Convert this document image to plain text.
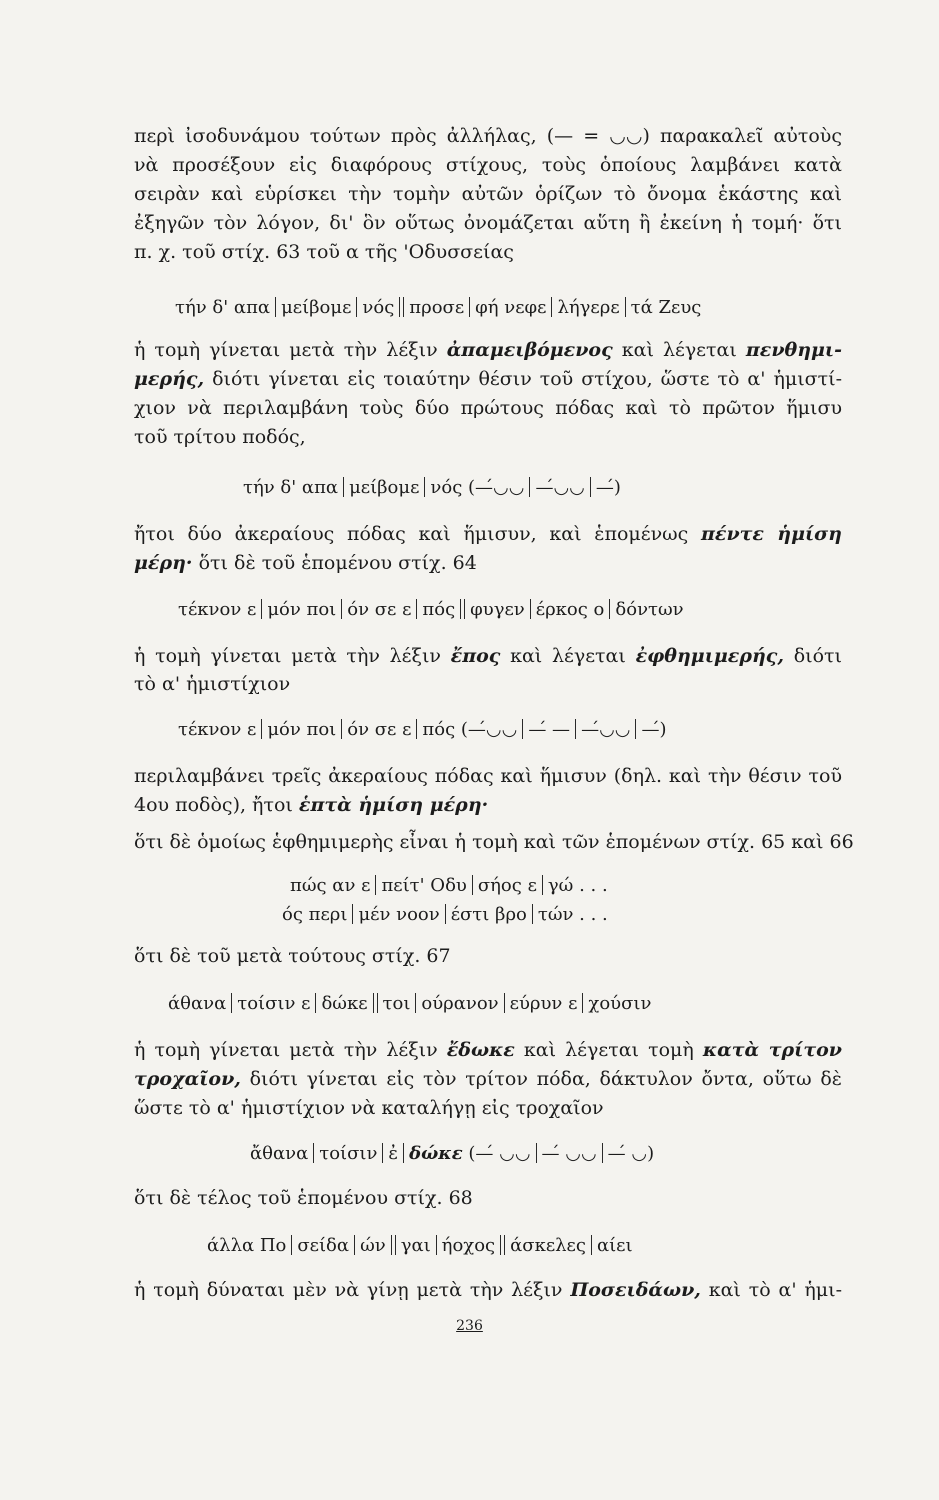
περὶ ἰσοδυνάμου τούτων πρὸς ἀλλήλας, (— = ◡◡) παρακαλεῖ αὐτοὺς
νὰ προσέξουν εἰς διαφόρους στίχους, τοὺς ὁποίους λαμβάνει κατὰ
σειρὰν καὶ εὑρίσκει τὴν τομὴν αὐτῶν ὁρίζων τὸ ὄνομα ἑκάστης καὶ
ἐξηγῶν τὸν λόγον, δι' ὃν οὕτως ὀνομάζεται αὕτη ἢ ἐκείνη ἡ τομή· ὅτι
π. χ. τοῦ στίχ. 63 τοῦ α τῆς 'Οδυσσείας
τήν δ' απα μείβομε νός προσε φή νεφε λήγερε τά Ζευς
ἡ τομὴ γίνεται μετὰ τὴν λέξιν ἀπαμειβόμενος καὶ λέγεται πενθημι-
μερής, διότι γίνεται εἰς τοιαύτην θέσιν τοῦ στίχου, ὥστε τὸ α' ἡμιστί-
χιον νὰ περιλαμβάνη τοὺς δύο πρώτους πόδας καὶ τὸ πρῶτον ἥμισυ
τοῦ τρίτου ποδός,
τήν δ' απα μείβομε νός (—́◡◡ —́◡◡ —́)
ἤτοι δύο ἀκεραίους πόδας καὶ ἥμισυν, καὶ ἑπομένως πέντε ἡμίση
μέρη· ὅτι δὲ τοῦ ἑπομένου στίχ. 64
τέκνον ε μόν ποι όν σε ε πός φυγεν έρκος ο δόντων
ἡ τομὴ γίνεται μετὰ τὴν λέξιν ἔπος καὶ λέγεται ἐφθημιμερής, διότι
τὸ α' ἡμιστίχιον
τέκνον ε μόν ποι όν σε ε πός (—́◡◡ —́ — —́◡◡ —́)
περιλαμβάνει τρεῖς ἀκεραίους πόδας καὶ ἥμισυν (δηλ. καὶ τὴν θέσιν τοῦ
4ου ποδὸς), ἤτοι ἑπτὰ ἡμίση μέρη·
ὅτι δὲ ὁμοίως ἑφθημιμερὴς εἶναι ἡ τομὴ καὶ τῶν ἑπομένων στίχ. 65 καὶ 66
πώς αν ε πείτ' Οδυ σήος ε γώ . . .
ός περι μέν νοον έστι βρο τών . . .
ὅτι δὲ τοῦ μετὰ τούτους στίχ. 67
άθανα τοίσιν ε δώκε τοι ούρανον εύρυν ε χούσιν
ἡ τομὴ γίνεται μετὰ τὴν λέξιν ἔδωκε καὶ λέγεται τομὴ κατὰ τρίτον
τροχαῖον, διότι γίνεται εἰς τὸν τρίτον πόδα, δάκτυλον ὄντα, οὕτω δὲ
ὥστε τὸ α' ἡμιστίχιον νὰ καταλήγῃ εἰς τροχαῖον
ἄθανα τοίσιν ἐ δώκε (—́ ◡◡ —́ ◡◡ —́ ◡)
ὅτι δὲ τέλος τοῦ ἑπομένου στίχ. 68
άλλα Πο σείδα ών γαι ήοχος άσκελες αίει
ἡ τομὴ δύναται μὲν νὰ γίνῃ μετὰ τὴν λέξιν Ποσειδάων, καὶ τὸ α' ἡμι-
236
